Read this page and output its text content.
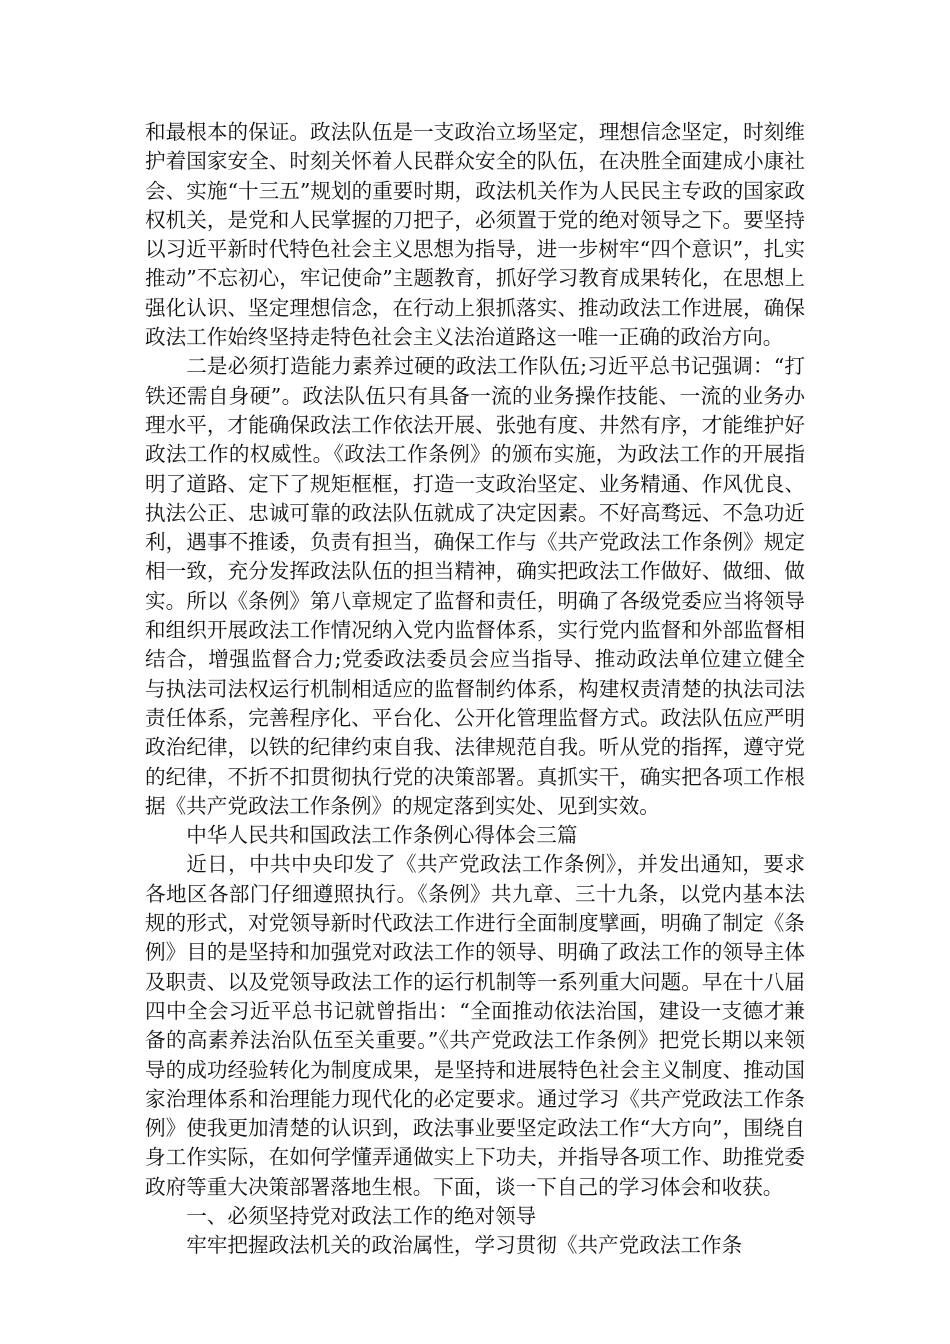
和最根本的保证。政法队伍是一支政治立场坚定，理想信念坚定，时刻维护着国家安全、时刻关怀着人民群众安全的队伍，在决胜全面建成小康社会、实施“十三五”规划的重要时期，政法机关作为人民民主专政的国家政权机关，是党和人民掌握的刀把子，必须置于党的绝对领导之下。要坚持以习近平新时代特色社会主义思想为指导，进一步树牢“四个意识”，扎实推动”不忘初心，牢记使命”主题教育，抓好学习教育成果转化，在思想上强化认识、坚定理想信念，在行动上狠抓落实、推动政法工作进展，确保政法工作始终坚持走特色社会主义法治道路这一唯一正确的政治方向。

二是必须打造能力素养过硬的政法工作队伍;习近平总书记强调：“打铁还需自身硬”。政法队伍只有具备一流的业务操作技能、一流的业务办理水平，才能确保政法工作依法开展、张弛有度、井然有序，才能维护好政法工作的权威性。《政法工作条例》的颁布实施，为政法工作的开展指明了道路、定下了规矩框框，打造一支政治坚定、业务精通、作风优良、执法公正、忠诚可靠的政法队伍就成了决定因素。不好高骛远、不急功近利，遇事不推诿，负责有担当，确保工作与《共产党政法工作条例》规定相一致，充分发挥政法队伍的担当精神，确实把政法工作做好、做细、做实。所以《条例》第八章规定了监督和责任，明确了各级党委应当将领导和组织开展政法工作情况纳入党内监督体系，实行党内监督和外部监督相结合，增强监督合力;党委政法委员会应当指导、推动政法单位建立健全与执法司法权运行机制相适应的监督制约体系，构建权责清楚的执法司法责任体系，完善程序化、平台化、公开化管理监督方式。政法队伍应严明政治纪律，以铁的纪律约束自我、法律规范自我。听从党的指挥，遵守党的纪律，不折不扣贯彻执行党的决策部署。真抓实干，确实把各项工作根据《共产党政法工作条例》的规定落到实处、见到实效。

中华人民共和国政法工作条例心得体会三篇

近日，中共中央印发了《共产党政法工作条例》，并发出通知，要求各地区各部门仔细遵照执行。《条例》共九章、三十九条，以党内基本法规的形式，对党领导新时代政法工作进行全面制度擘画，明确了制定《条例》目的是坚持和加强党对政法工作的领导、明确了政法工作的领导主体及职责、以及党领导政法工作的运行机制等一系列重大问题。早在十八届四中全会习近平总书记就曾指出：“全面推动依法治国，建设一支德才兼备的高素养法治队伍至关重要。”《共产党政法工作条例》把党长期以来领导的成功经验转化为制度成果，是坚持和进展特色社会主义制度、推动国家治理体系和治理能力现代化的必定要求。通过学习《共产党政法工作条例》使我更加清楚的认识到，政法事业要坚定政法工作“大方向”，围绕自身工作实际，在如何学懂弄通做实上下功夫，并指导各项工作、助推党委政府等重大决策部署落地生根。下面，谈一下自己的学习体会和收获。

一、必须坚持党对政法工作的绝对领导

牢牢把握政法机关的政治属性，学习贯彻《共产党政法工作条
